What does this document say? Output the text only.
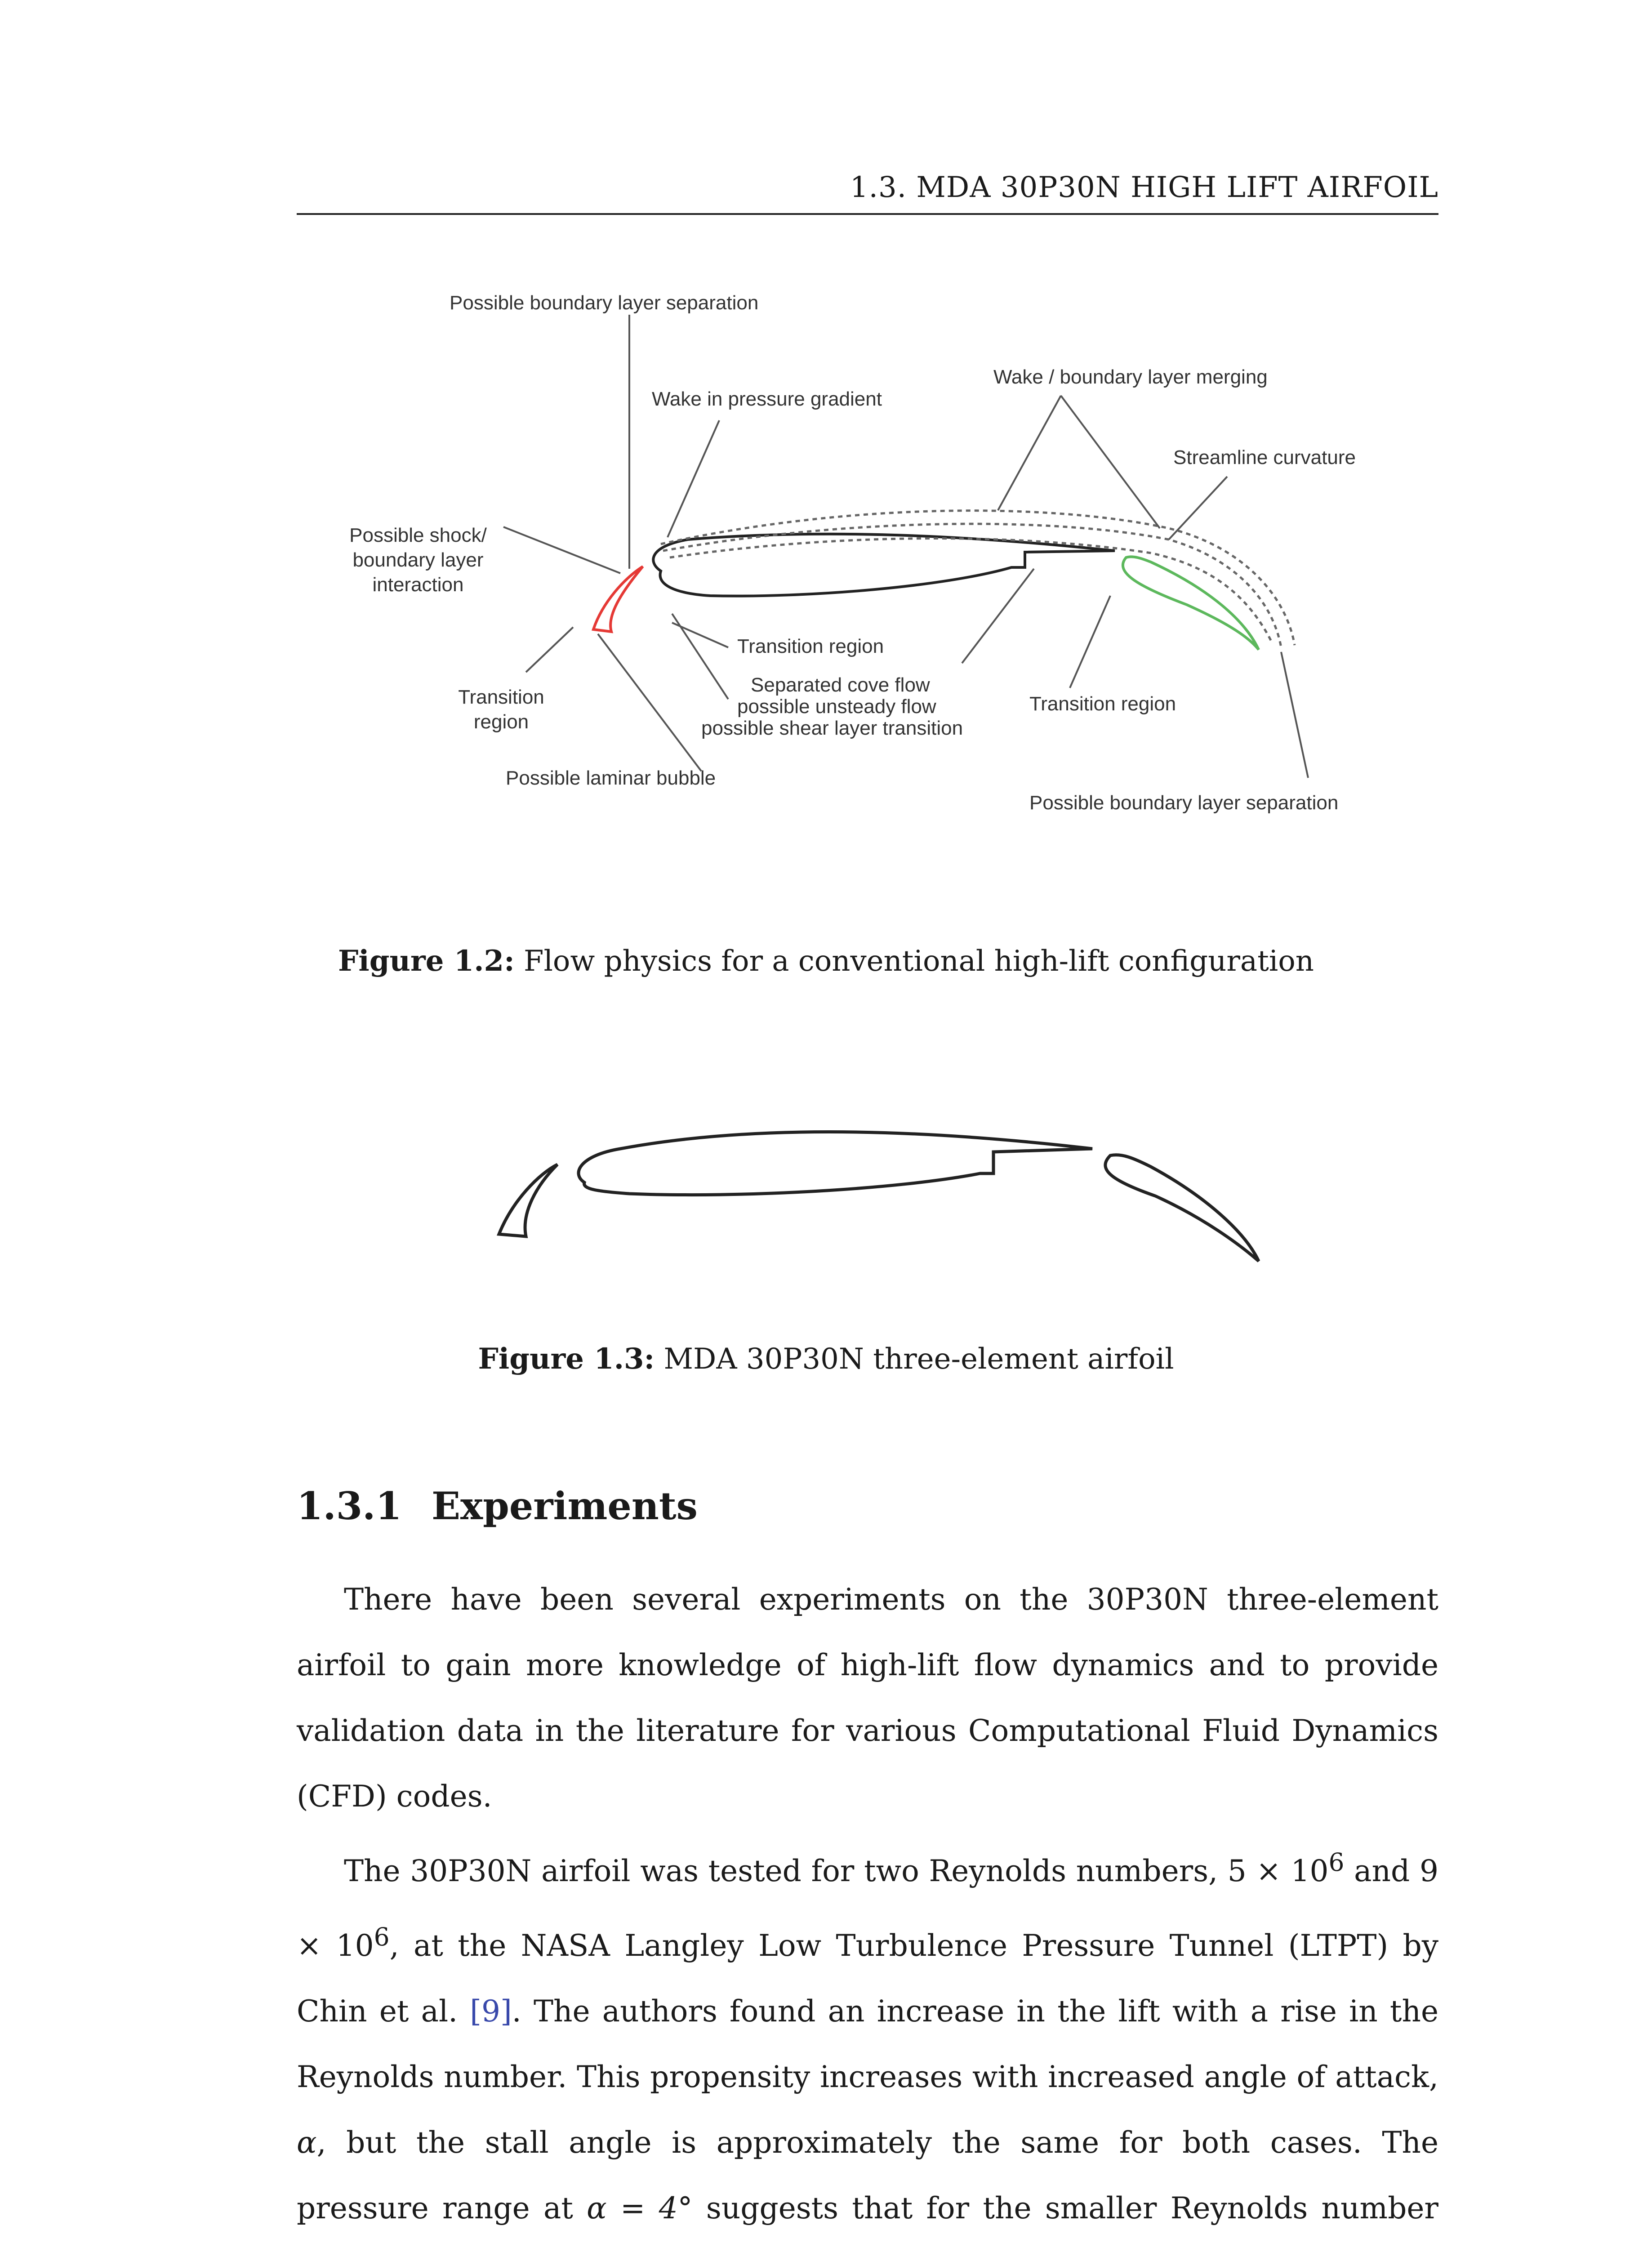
1.3. MDA 30P30N HIGH LIFT AIRFOIL
Possible boundary layer separation
Wake in pressure gradient
Wake / boundary layer merging
Streamline curvature
Possible shock/
boundary layer
interaction
Transition region
Separated cove flow
possible unsteady flow
possible shear layer transition
Transition region
Transition
region
Possible laminar bubble
Possible boundary layer separation
Figure 1.2: Flow physics for a conventional high-lift configuration
Figure 1.3: MDA 30P30N three-element airfoil
1.3.1 Experiments

There have been several experiments on the 30P30N three-element airfoil to gain more knowledge of high-lift flow dynamics and to provide validation data in the literature for various Computational Fluid Dynamics (CFD) codes.

The 30P30N airfoil was tested for two Reynolds numbers, $5 \times 10^6$ and $9 \times 10^6$, at the NASA Langley Low Turbulence Pressure Tunnel (LTPT) by Chin et al. [9]. The authors found an increase in the lift with a rise in the Reynolds number. This propensity increases with increased angle of attack, α, but the stall angle is approximately the same for both cases. The pressure range at α = 4° suggests that for the smaller Reynolds number
